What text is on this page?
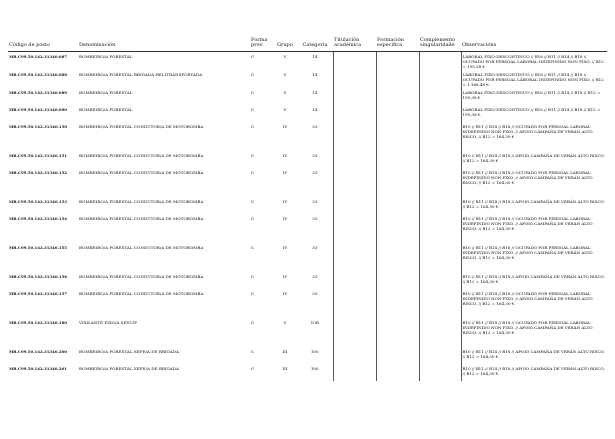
Código de posto	Denominación	Forma prov.	Grupo	Categoría	Titulación académica	Formación específica	Complemento singularidade	Observacións
MR.C99.50.142.31340.087	BOMBEIRO/A FORESTAL	C	V	14				LABORAL FIXO-DESCONTINUO // B16 // B11 // B14 // B18 // OCUPADO POR PERSOAL LABORAL INDEFINIDO NON FIXO. // B12 = 195,38 €.
MR.C99.50.142.31340.088	BOMBEIRO/A FORESTAL BRIGADA HELITRANSPORTADA	C	V	14				LABORAL FIXO-DESCONTINUO // B16 // B11 // B14 // B18 // OCUPADO POR PERSOAL LABORAL INDEFINIDO NON FIXO. // B12 = 1.166,46 €.
MR.C99.50.142.31340.089	BOMBEIRO/A FORESTAL	C	V	14				LABORAL FIXO-DESCONTINUO // B16 // B11 // B14 // B18 // B12 = 195,38 €.
MR.C99.50.142.31340.090	BOMBEIRO/A FORESTAL	C	V	14				LABORAL FIXO-DESCONTINUO // B16 // B11 // B14 // B18 // B12 = 195,38 €.
MR.C99.50.142.31340.150	BOMBEIRO/A FORESTAL CONDUTOR/A DE MOTOBOMBA	C	IV	33				B10 // B11 // B14 // B18 // OCUPADO POR PERSOAL LABORAL INDEFINIDO NON FIXO. // APOIO CAMPAÑA DE VERÁN ALTO RISCO. // B12 = 164,30 €.
MR.C99.50.142.31340.151	BOMBEIRO/A FORESTAL CONDUTOR/A DE MOTOBOMBA	C	IV	33				B10 // B11 // B14 // B18 // APOIO CAMPAÑA DE VERÁN ALTO RISCO. // B12 = 164,30 €.
MR.C99.50.142.31340.152	BOMBEIRO/A FORESTAL CONDUTOR/A DE MOTOBOMBA	C	IV	33				B10 // B11 // B14 // B18 // OCUPADO POR PERSOAL LABORAL INDEFINIDO NON FIXO. // APOIO CAMPAÑA DE VERÁN ALTO RISCO. // B12 = 164,30 €.
MR.C99.50.142.31340.153	BOMBEIRO/A FORESTAL CONDUTOR/A DE MOTOBOMBA	C	IV	33				B10 // B11 // B14 // B18 // APOIO CAMPAÑA DE VERÁN ALTO RISCO. // B12 = 164,30 €.
MR.C99.50.142.31340.154	BOMBEIRO/A FORESTAL CONDUTOR/A DE MOTOBOMBA	C	IV	33				B10 // B11 // B14 // B18 // OCUPADO POR PERSOAL LABORAL INDEFINIDO NON FIXO. // APOIO CAMPAÑA DE VERÁN ALTO RISCO. // B12 = 164,30 €.
MR.C99.50.142.31340.155	BOMBEIRO/A FORESTAL CONDUTOR/A DE MOTOBOMBA	C	IV	33				B10 // B11 // B14 // B18 // OCUPADO POR PERSOAL LABORAL INDEFINIDO NON FIXO. // APOIO CAMPAÑA DE VERÁN ALTO RISCO. // B12 = 164,30 €.
MR.C99.50.142.31340.156	BOMBEIRO/A FORESTAL CONDUTOR/A DE MOTOBOMBA	C	IV	33				B10 // B11 // B14 // B18 // APOIO CAMPAÑA DE VERÁN ALTO RISCO. // B12 = 164,30 €.
MR.C99.50.142.31340.157	BOMBEIRO/A FORESTAL CONDUTOR/A DE MOTOBOMBA	C	IV	33				B10 // B11 // B14 // B18 // OCUPADO POR PERSOAL LABORAL INDEFINIDO NON FIXO. // APOIO CAMPAÑA DE VERÁN ALTO RISCO. // B12 = 164,30 €.
MR.C99.50.142.31340.180	VIXILANTE FIXO/A SPDCIF	C	V	10B				B10 // B11 // B14 // B18 // OCUPADO POR PERSOAL LABORAL INDEFINIDO NON FIXO. // APOIO CAMPAÑA DE VERÁN ALTO RISCO. // B12 = 164,30 €.
MR.C99.50.142.31340.200	BOMBEIRO/A FORESTAL XEFE/A DE BRIGADA	C	III	100				B10 // B11 // B14 // B18 // APOIO CAMPAÑA DE VERÁN ALTO RISCO. // B12 = 164,30 €.
MR.C99.50.142.31340.201	BOMBEIRO/A FORESTAL XEFE/A DE BRIGADA	C	III	100				B10 // B11 // B14 // B18 // APOIO CAMPAÑA DE VERÁN ALTO RISCO. // B12 = 164,30 €.
